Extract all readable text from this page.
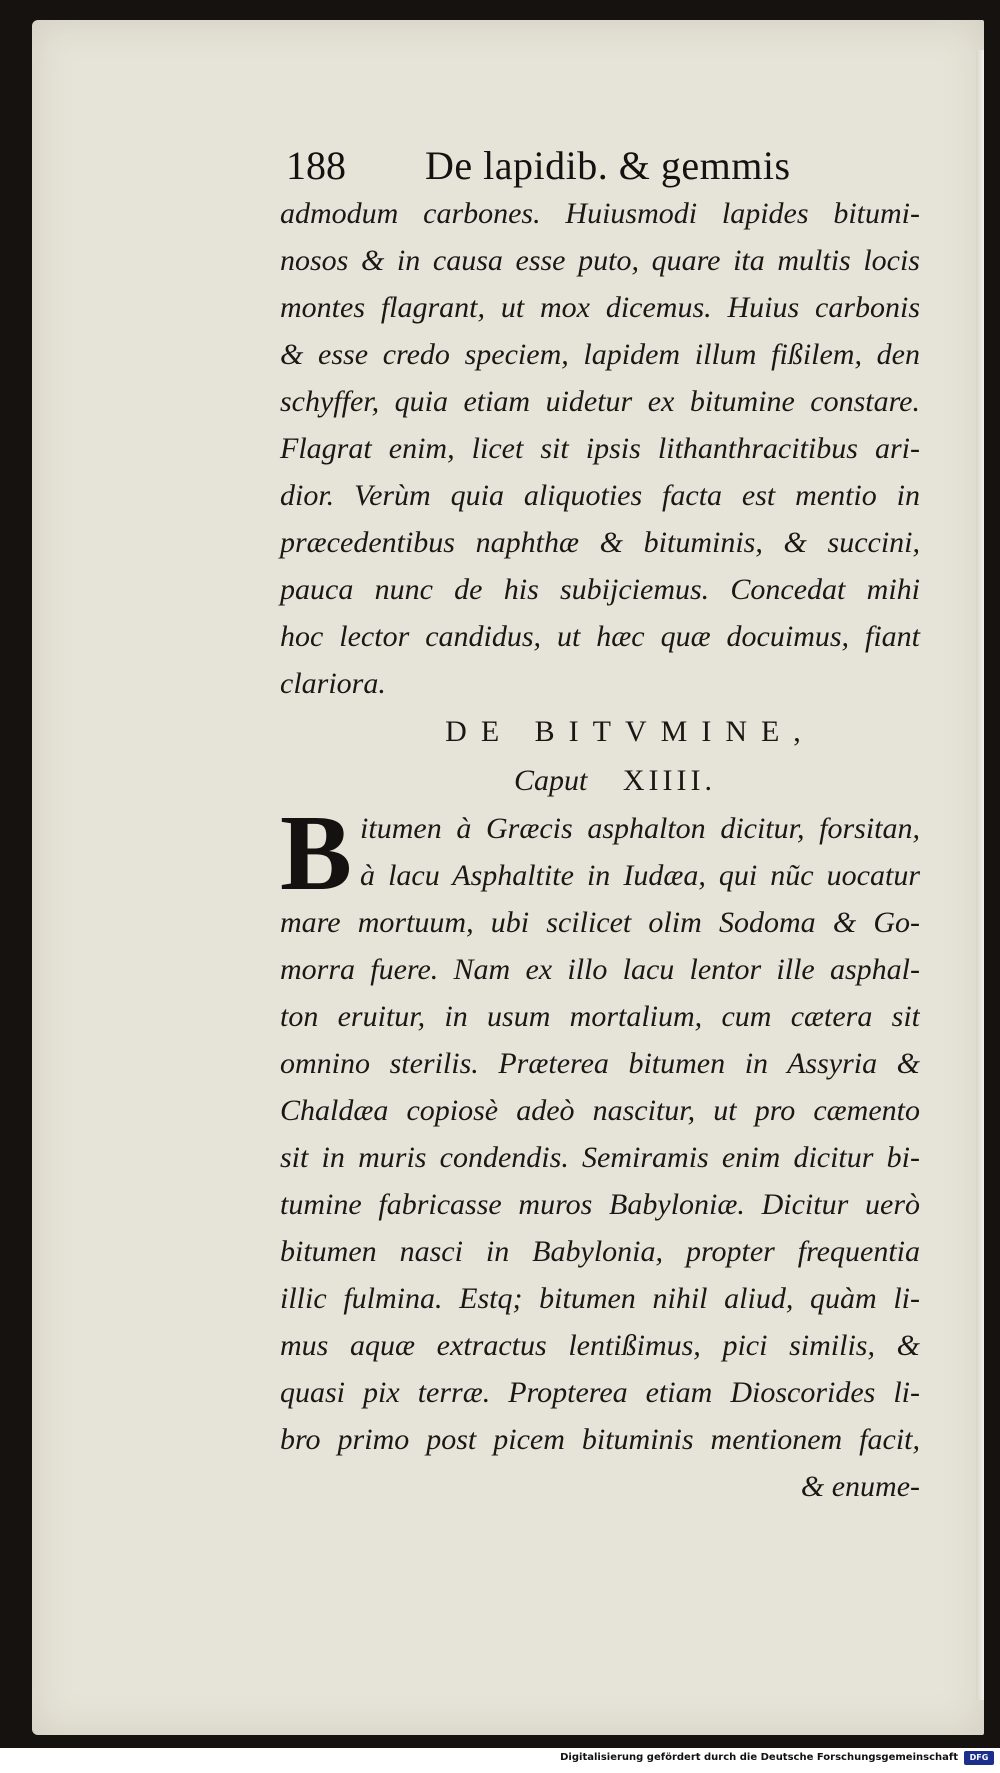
188 De lapidib. & gemmis
admodum carbones. Huiusmodi lapides bitumi-
nosos & in causa esse puto, quare ita multis locis
montes flagrant, ut mox dicemus. Huius carbonis
& esse credo speciem, lapidem illum fißilem, den
schyffer, quia etiam uidetur ex bitumine constare.
Flagrat enim, licet sit ipsis lithanthracitibus ari-
dior. Verùm quia aliquoties facta est mentio in
præcedentibus naphthæ & bituminis, & succini,
pauca nunc de his subijciemus. Concedat mihi
hoc lector candidus, ut hæc quæ docuimus, fiant
clariora.
DE BITVMINE,
Caput XIIII.
B itumen à Græcis asphalton dicitur, forsitan,
à lacu Asphaltite in Iudæa, qui nũc uocatur
mare mortuum, ubi scilicet olim Sodoma & Go-
morra fuere. Nam ex illo lacu lentor ille asphal-
ton eruitur, in usum mortalium, cum cætera sit
omnino sterilis. Præterea bitumen in Assyria &
Chaldæa copiosè adeò nascitur, ut pro cæmento
sit in muris condendis. Semiramis enim dicitur bi-
tumine fabricasse muros Babyloniæ. Dicitur uerò
bitumen nasci in Babylonia, propter frequentia
illic fulmina. Estq; bitumen nihil aliud, quàm li-
mus aquæ extractus lentißimus, pici similis, &
quasi pix terræ. Propterea etiam Dioscorides li-
bro primo post picem bituminis mentionem facit,
& enume-
Digitalisierung gefördert durch die Deutsche Forschungsgemeinschaft	DFG
